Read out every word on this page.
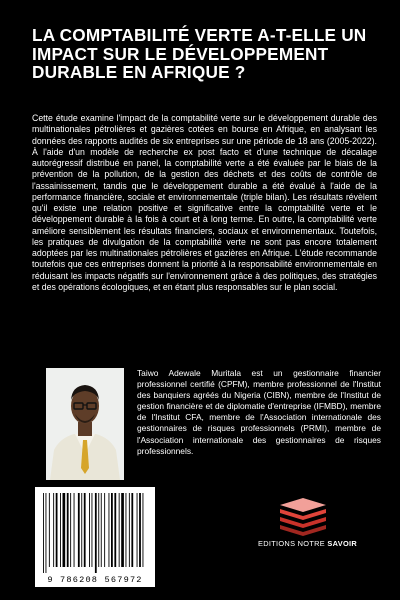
LA COMPTABILITÉ VERTE A-T-ELLE UN IMPACT SUR LE DÉVELOPPEMENT DURABLE EN AFRIQUE ?

Cette étude examine l'impact de la comptabilité verte sur le développement durable des multinationales pétrolières et gazières cotées en bourse en Afrique, en analysant les données des rapports audités de six entreprises sur une période de 18 ans (2005-2022). À l'aide d'un modèle de recherche ex post facto et d'une technique de décalage autorégressif distribué en panel, la comptabilité verte a été évaluée par le biais de la prévention de la pollution, de la gestion des déchets et des coûts de contrôle de l'assainissement, tandis que le développement durable a été évalué à l'aide de la performance financière, sociale et environnementale (triple bilan). Les résultats révèlent qu'il existe une relation positive et significative entre la comptabilité verte et le développement durable à la fois à court et à long terme. En outre, la comptabilité verte améliore sensiblement les résultats financiers, sociaux et environnementaux. Toutefois, les pratiques de divulgation de la comptabilité verte ne sont pas encore totalement adoptées par les multinationales pétrolières et gazières en Afrique. L'étude recommande toutefois que ces entreprises donnent la priorité à la responsabilité environnementale en réduisant les impacts négatifs sur l'environnement grâce à des politiques, des stratégies et des opérations écologiques, et en étant plus responsables sur le plan social.

Taiwo Adewale Muritala est un gestionnaire financier professionnel certifié (CPFM), membre professionnel de l'Institut des banquiers agréés du Nigeria (CIBN), membre de l'Institut de gestion financière et de diplomatie d'entreprise (IFMBD), membre de l'Institut CFA, membre de l'Association internationale des gestionnaires de risques professionnels (PRMI), membre de l'Association internationale des gestionnaires de risques professionnels.

9 786208 567972
EDITIONS NOTRE SAVOIR
